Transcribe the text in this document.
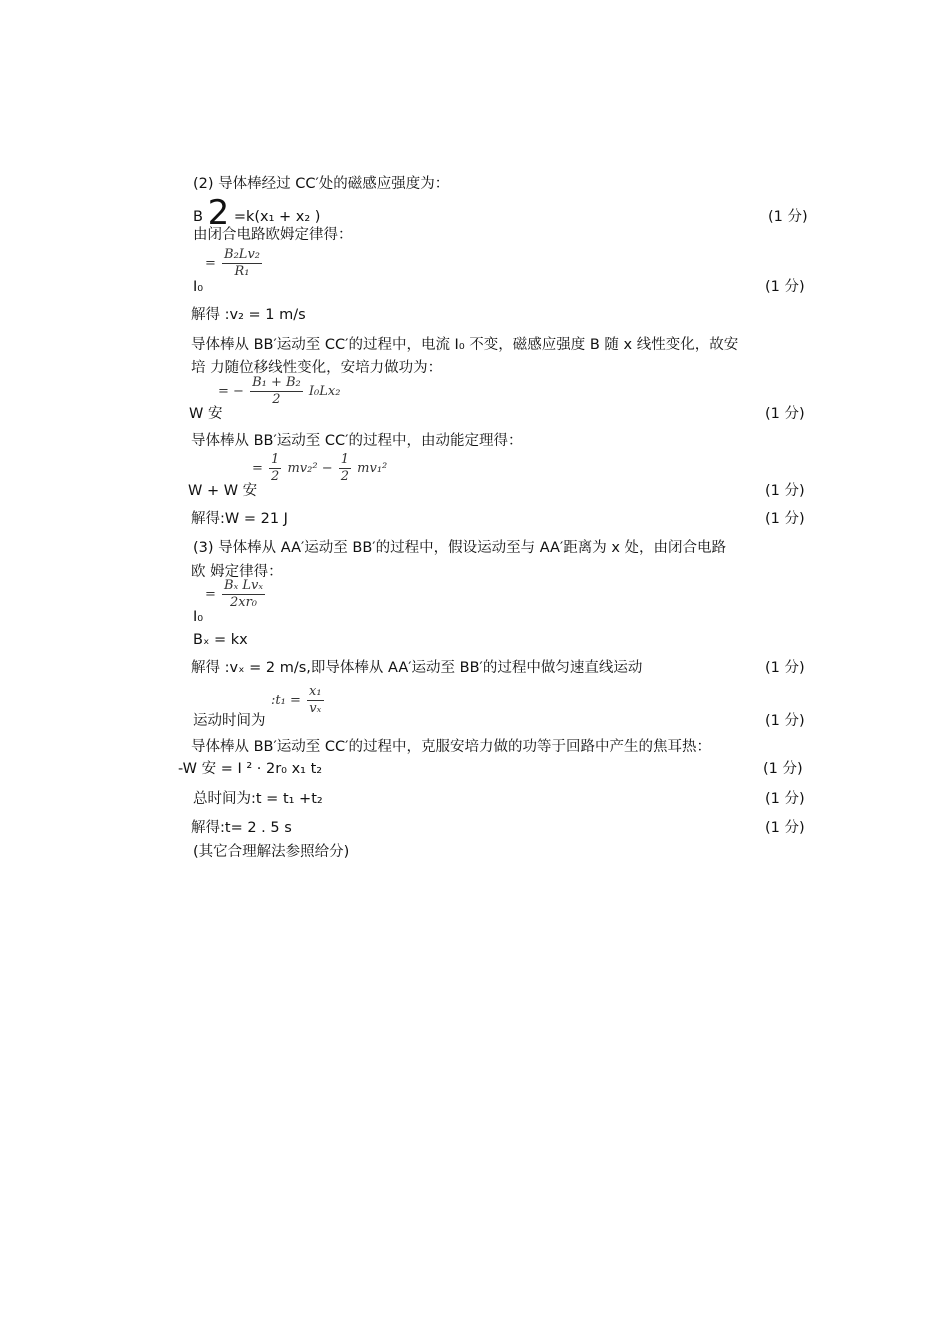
(2) 导体棒经过 CC′处的磁感应强度为：
B 2 =k(x₁ + x₂ )	(1 分)
由闭合电路欧姆定律得：
= $\frac{\text{B₂Lv₂}}{\text{R₁}}$
I₀	(1 分)
解得 :v₂ = 1 m/s
导体棒从 BB′运动至 CC′的过程中，电流 I₀ 不变，磁感应强度 B 随 x 线性变化，故安
培 力随位移线性变化，安培力做功为：
= − $\frac{\text{B₁ + B₂}}{2} I_0Lx_2$
W 安	(1 分)
导体棒从 BB′运动至 CC′的过程中，由动能定理得：
= $\frac{1}{2} mv_2^2 - \frac{1}{2} mv_1^2$
W + W 安	(1 分)
解得:W = 21 J	(1 分)
(3) 导体棒从 AA′运动至 BB′的过程中，假设运动至与 AA′距离为 x 处，由闭合电路
欧 姆定律得：
= $\frac{\text{Bₓ Lvₓ}}{\text{2xr₀}}$
I₀
Bₓ = kx
解得 :vₓ = 2 m/s,即导体棒从 AA′运动至 BB′的过程中做匀速直线运动	(1 分)
:t₁ = $\frac{\text{x₁}}{\text{vₓ}}$
运动时间为	(1 分)
导体棒从 BB′运动至 CC′的过程中，克服安培力做的功等于回路中产生的焦耳热：
-W 安 = I ² · 2r₀ x₁ t₂	(1 分)
总时间为:t = t₁ +t₂	(1 分)
解得:t= 2 . 5 s	(1 分)
(其它合理解法参照给分)
